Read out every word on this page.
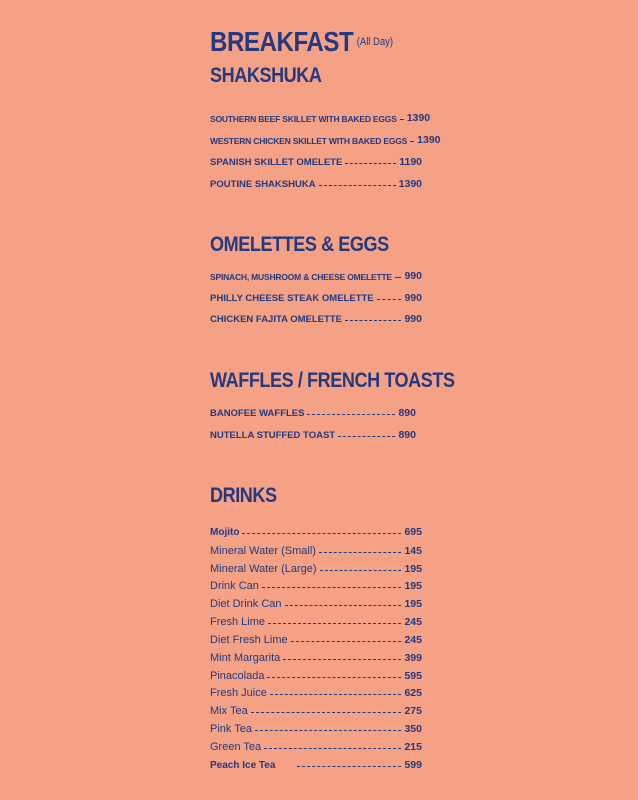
BREAKFAST $^{(All Day)}$
SHAKSHUKA
SOUTHERN BEEF SKILLET WITH BAKED EGGS 1390
WESTERN CHICKEN SKILLET WITH BAKED EGGS 1390
SPANISH SKILLET OMELETE	1190
POUTINE SHAKSHUKA	1390
OMELETTES & EGGS
SPINACH, MUSHROOM & CHEESE OMELETTE 990
PHILLY CHEESE STEAK OMELETTE	990
CHICKEN FAJITA OMELETTE	990
WAFFLES / FRENCH TOASTS
BANOFEE WAFFLES	890
NUTELLA STUFFED TOAST	890
DRINKS
Mojito	695
Mineral Water (Small)	145
Mineral Water (Large)	195
Drink Can	195
Diet Drink Can	195
Fresh Lime	245
Diet Fresh Lime	245
Mint Margarita	399
Pinacolada	595
Fresh Juice	625
Mix Tea	275
Pink Tea	350
Green Tea	215
Peach Ice Tea	599
